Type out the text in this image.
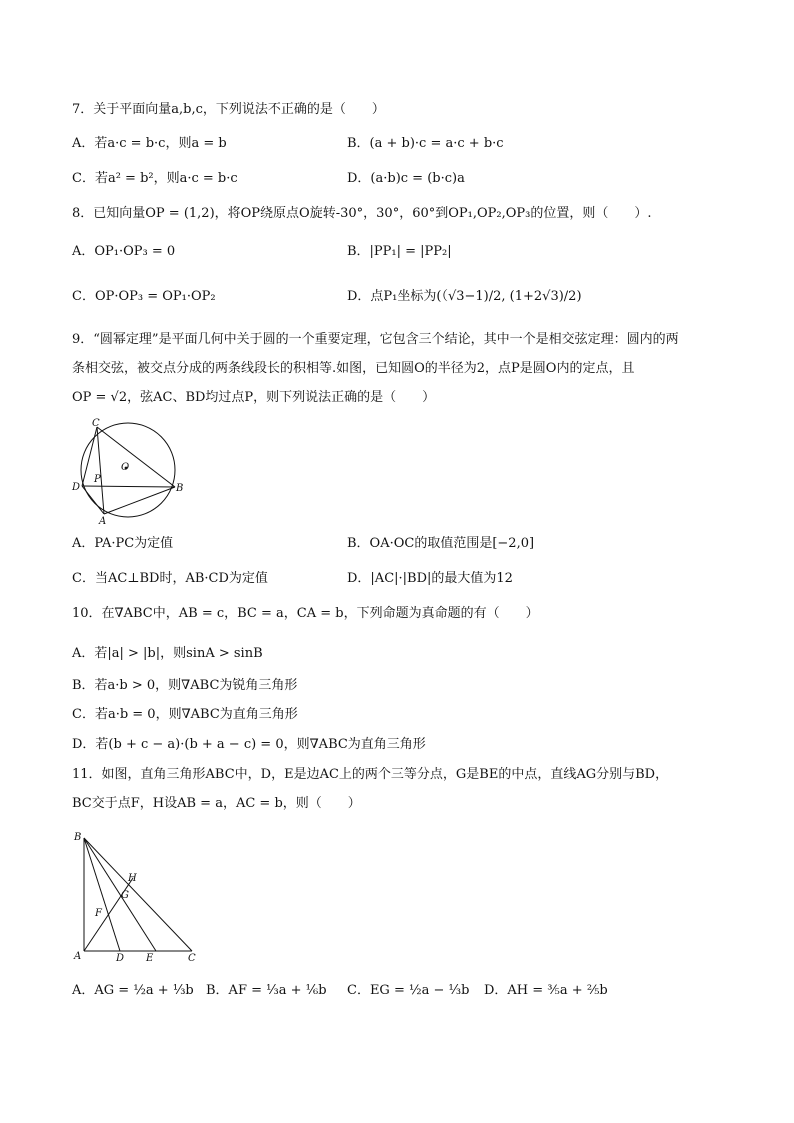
7．关于平面向量a,b,c，下列说法不正确的是（　　）
A．若a·c = b·c，则a = b	B．(a + b)·c = a·c + b·c
C．若a² = b²，则a·c = b·c	D．(a·b)c = (b·c)a
8．已知向量OP = (1,2)，将OP绕原点O旋转-30°，30°，60°到OP₁,OP₂,OP₃的位置，则（　　）.
A．OP₁·OP₃ = 0	B．|PP₁| = |PP₂|
C．OP·OP₃ = OP₁·OP₂	D．点P₁坐标为(（√3−1)/2, (1+2√3)/2)
9．“圆幂定理”是平面几何中关于圆的一个重要定理，它包含三个结论，其中一个是相交弦定理：圆内的两
条相交弦，被交点分成的两条线段长的积相等.如图，已知圆O的半径为2，点P是圆O内的定点，且
OP = √2，弦AC、BD均过点P，则下列说法正确的是（　　）
C
D
P
O
B
A
A．PA·PC为定值	B．OA·OC的取值范围是[−2,0]
C．当AC⊥BD时，AB·CD为定值	D．|AC|·|BD|的最大值为12
10．在∇ABC中，AB = c，BC = a，CA = b，下列命题为真命题的有（　　）
A．若|a| > |b|，则sinA > sinB
B．若a·b > 0，则∇ABC为锐角三角形
C．若a·b = 0，则∇ABC为直角三角形
D．若(b + c − a)·(b + a − c) = 0，则∇ABC为直角三角形
11．如图，直角三角形ABC中，D，E是边AC上的两个三等分点，G是BE的中点，直线AG分别与BD，
BC交于点F，H设AB = a，AC = b，则（　　）
B
H
G
F
A	D E	C
A．AG = ½a + ⅓b B．AF = ⅓a + ⅙b C．EG = ½a − ⅓b D．AH = ⅗a + ⅖b
